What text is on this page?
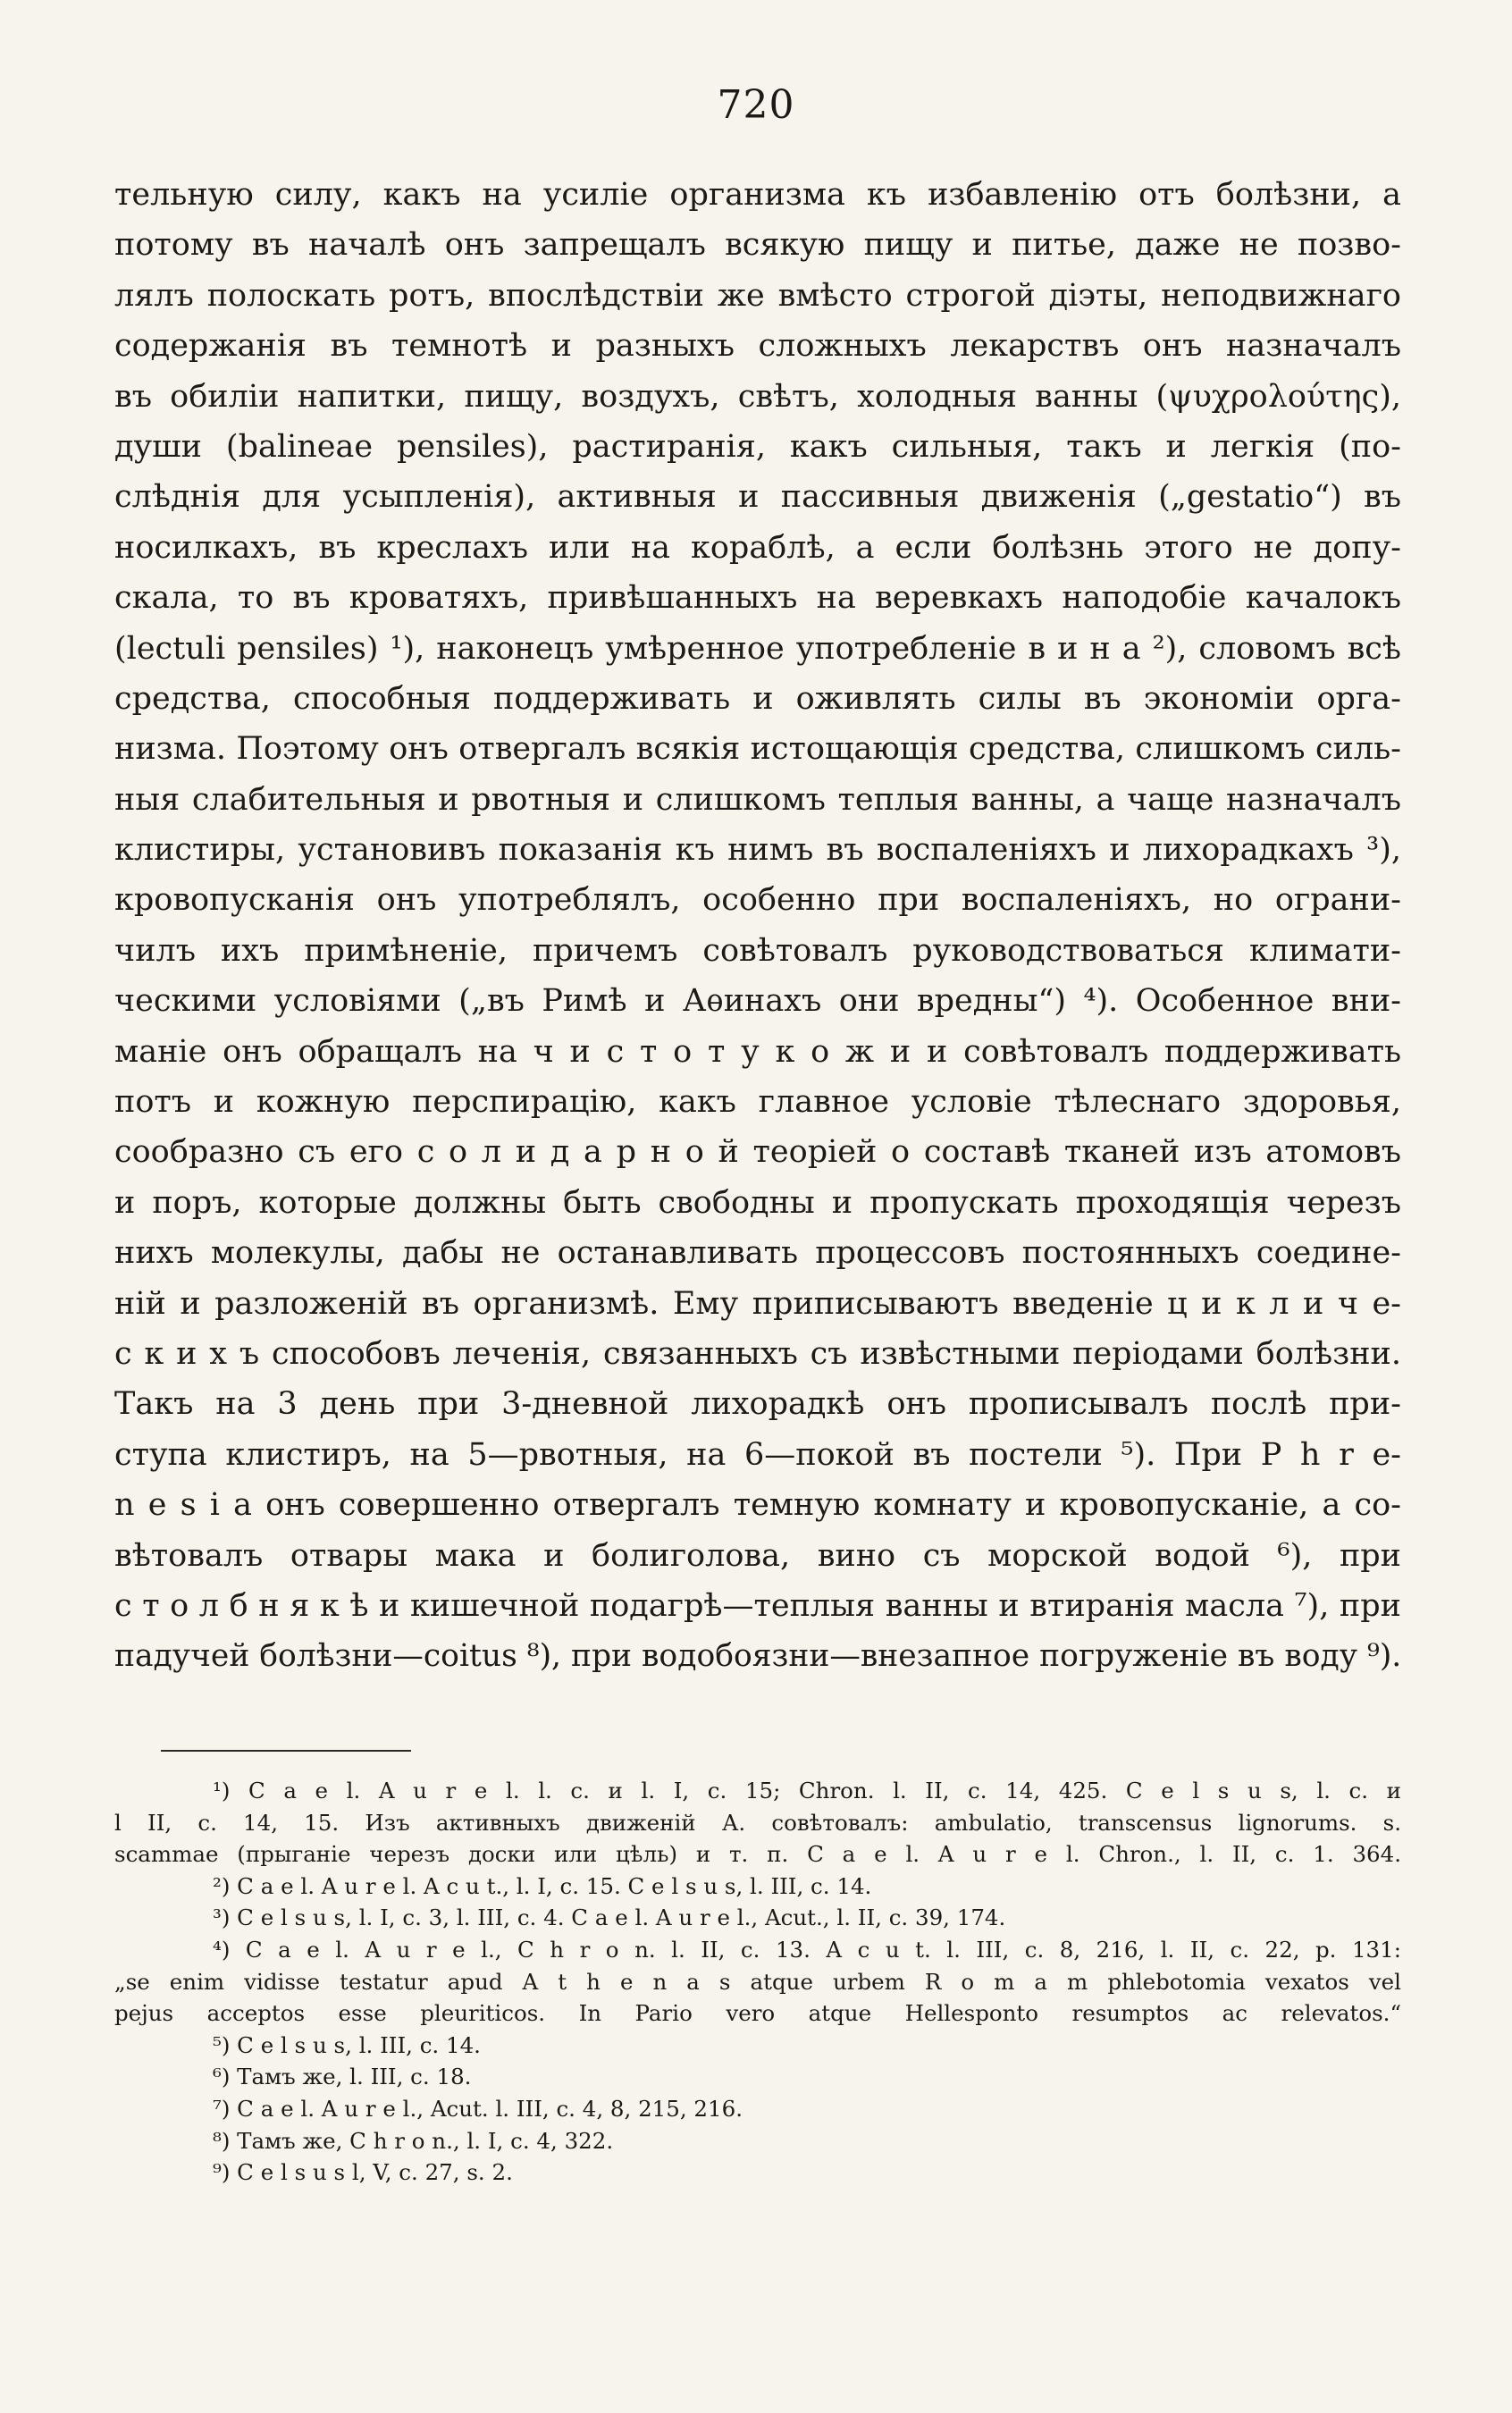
720
тельную силу, какъ на усиліе организма къ избавленію отъ болѣзни, а
потому въ началѣ онъ запрещалъ всякую пищу и питье, даже не позво-
лялъ полоскать ротъ, впослѣдствіи же вмѣсто строгой діэты, неподвижнаго
содержанія въ темнотѣ и разныхъ сложныхъ лекарствъ онъ назначалъ
въ обиліи напитки, пищу, воздухъ, свѣтъ, холодныя ванны (ψυχρολούτης),
души (balineae pensiles), растиранія, какъ сильныя, такъ и легкія (по-
слѣднія для усыпленія), активныя и пассивныя движенія („gestatio“) въ
носилкахъ, въ креслахъ или на кораблѣ, а если болѣзнь этого не допу-
скала, то въ кроватяхъ, привѣшанныхъ на веревкахъ наподобіе качалокъ
(lectuli pensiles) ¹), наконецъ умѣренное употребленіе в и н а ²), словомъ всѣ
средства, способныя поддерживать и оживлять силы въ экономіи орга-
низма. Поэтому онъ отвергалъ всякія истощающія средства, слишкомъ силь-
ныя слабительныя и рвотныя и слишкомъ теплыя ванны, а чаще назначалъ
клистиры, установивъ показанія къ нимъ въ воспаленіяхъ и лихорадкахъ ³),
кровопусканія онъ употреблялъ, особенно при воспаленіяхъ, но ограни-
чилъ ихъ примѣненіе, причемъ совѣтовалъ руководствоваться климати-
ческими условіями („въ Римѣ и Аѳинахъ они вредны“) ⁴). Особенное вни-
маніе онъ обращалъ на ч и с т о т у к о ж и и совѣтовалъ поддерживать
потъ и кожную перспирацію, какъ главное условіе тѣлеснаго здоровья,
сообразно съ его с о л и д а р н о й теоріей о составѣ тканей изъ атомовъ
и поръ, которые должны быть свободны и пропускать проходящія черезъ
нихъ молекулы, дабы не останавливать процессовъ постоянныхъ соедине-
ній и разложеній въ организмѣ. Ему приписываютъ введеніе ц и к л и ч е-
с к и х ъ способовъ леченія, связанныхъ съ извѣстными періодами болѣзни.
Такъ на 3 день при 3-дневной лихорадкѣ онъ прописывалъ послѣ при-
ступа клистиръ, на 5—рвотныя, на 6—покой въ постели ⁵). При P h r e-
n e s i a онъ совершенно отвергалъ темную комнату и кровопусканіе, а со-
вѣтовалъ отвары мака и болиголова, вино съ морской водой ⁶), при
с т о л б н я к ѣ и кишечной подагрѣ—теплыя ванны и втиранія масла ⁷), при
падучей болѣзни—coitus ⁸), при водобоязни—внезапное погруженіе въ воду ⁹).
¹) C a e l. A u r e l. l. c. и l. I, c. 15; Chron. l. II, c. 14, 425. C e l s u s, l. c. и
l II, c. 14, 15. Изъ активныхъ движеній А. совѣтовалъ: ambulatio, transcensus lignorums. s.
scammae (прыганіе черезъ доски или цѣль) и т. п. C a e l. A u r e l. Chron., l. II, c. 1. 364.
²) C a e l. A u r e l. A c u t., l. I, c. 15. C e l s u s, l. III, c. 14.
³) C e l s u s, l. I, c. 3, l. III, c. 4. C a e l. A u r e l., Acut., l. II, c. 39, 174.
⁴) C a e l. A u r e l., C h r o n. l. II, c. 13. A c u t. l. III, c. 8, 216, l. II, c. 22, p. 131:
„se enim vidisse testatur apud A t h e n a s atque urbem R o m a m phlebotomia vexatos vel
pejus acceptos esse pleuriticos. In Pario vero atque Hellespontо resumptos ac relevatos.“
⁵) C e l s u s, l. III, c. 14.
⁶) Тамъ же, l. III, c. 18.
⁷) C a e l. A u r e l., Acut. l. III, c. 4, 8, 215, 216.
⁸) Тамъ же, C h r o n., l. I, c. 4, 322.
⁹) C e l s u s l, V, c. 27, s. 2.
